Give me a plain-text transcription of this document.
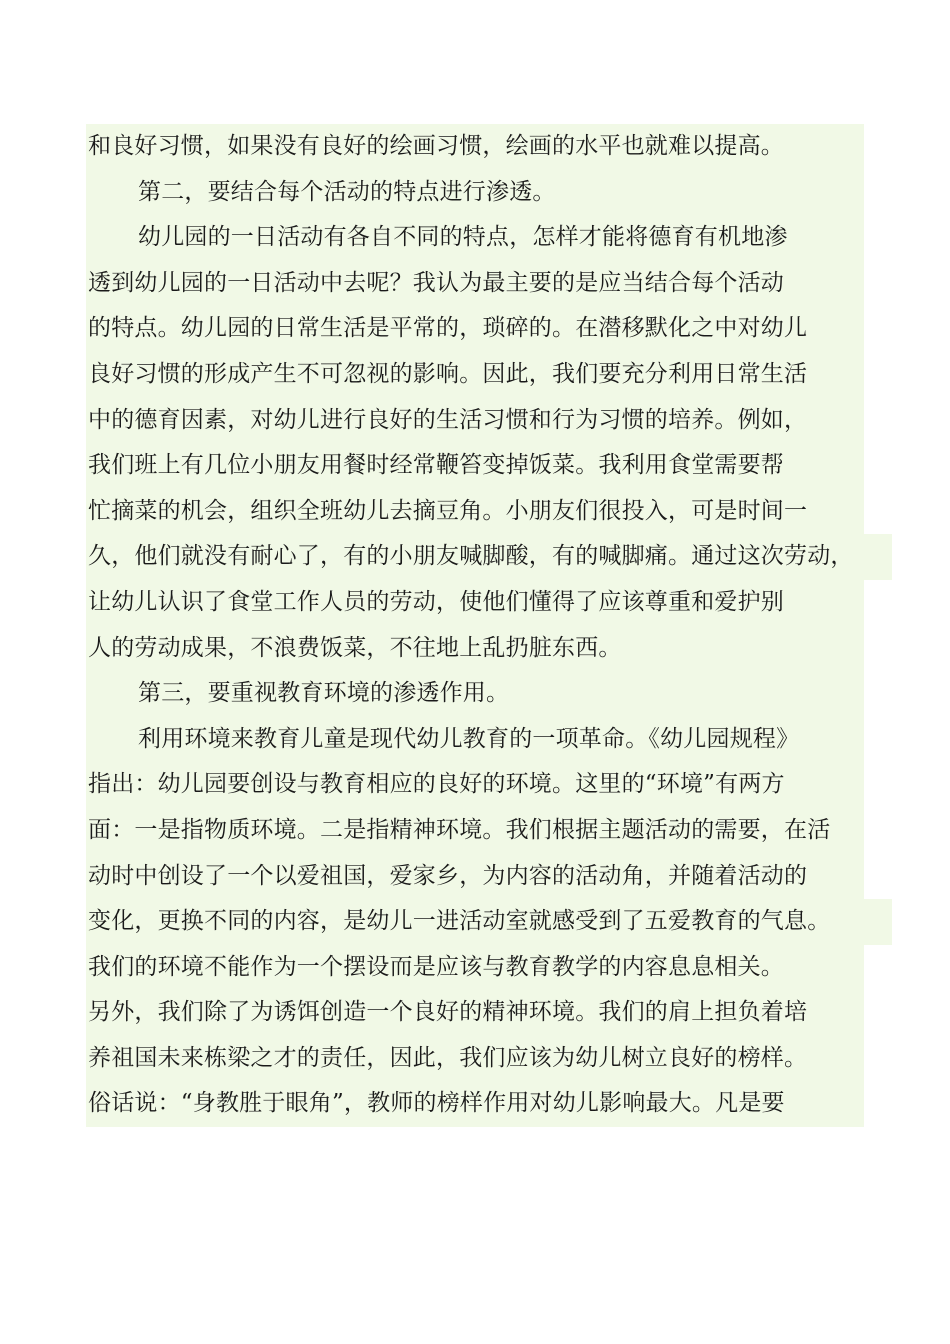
和良好习惯，如果没有良好的绘画习惯，绘画的水平也就难以提高。
第二，要结合每个活动的特点进行渗透。
幼儿园的一日活动有各自不同的特点，怎样才能将德育有机地渗
透到幼儿园的一日活动中去呢？我认为最主要的是应当结合每个活动
的特点。幼儿园的日常生活是平常的，琐碎的。在潜移默化之中对幼儿
良好习惯的形成产生不可忽视的影响。因此，我们要充分利用日常生活
中的德育因素，对幼儿进行良好的生活习惯和行为习惯的培养。例如，
我们班上有几位小朋友用餐时经常鞭笞变掉饭菜。我利用食堂需要帮
忙摘菜的机会，组织全班幼儿去摘豆角。小朋友们很投入，可是时间一
久，他们就没有耐心了，有的小朋友喊脚酸，有的喊脚痛。通过这次劳动，
让幼儿认识了食堂工作人员的劳动，使他们懂得了应该尊重和爱护别
人的劳动成果，不浪费饭菜，不往地上乱扔脏东西。
第三，要重视教育环境的渗透作用。
利用环境来教育儿童是现代幼儿教育的一项革命。《幼儿园规程》
指出：幼儿园要创设与教育相应的良好的环境。这里的“环境”有两方
面：一是指物质环境。二是指精神环境。我们根据主题活动的需要，在活
动时中创设了一个以爱祖国，爱家乡，为内容的活动角，并随着活动的
变化，更换不同的内容，是幼儿一进活动室就感受到了五爱教育的气息。
我们的环境不能作为一个摆设而是应该与教育教学的内容息息相关。
另外，我们除了为诱饵创造一个良好的精神环境。我们的肩上担负着培
养祖国未来栋梁之才的责任，因此，我们应该为幼儿树立良好的榜样。
俗话说：“身教胜于眼角”，教师的榜样作用对幼儿影响最大。凡是要
